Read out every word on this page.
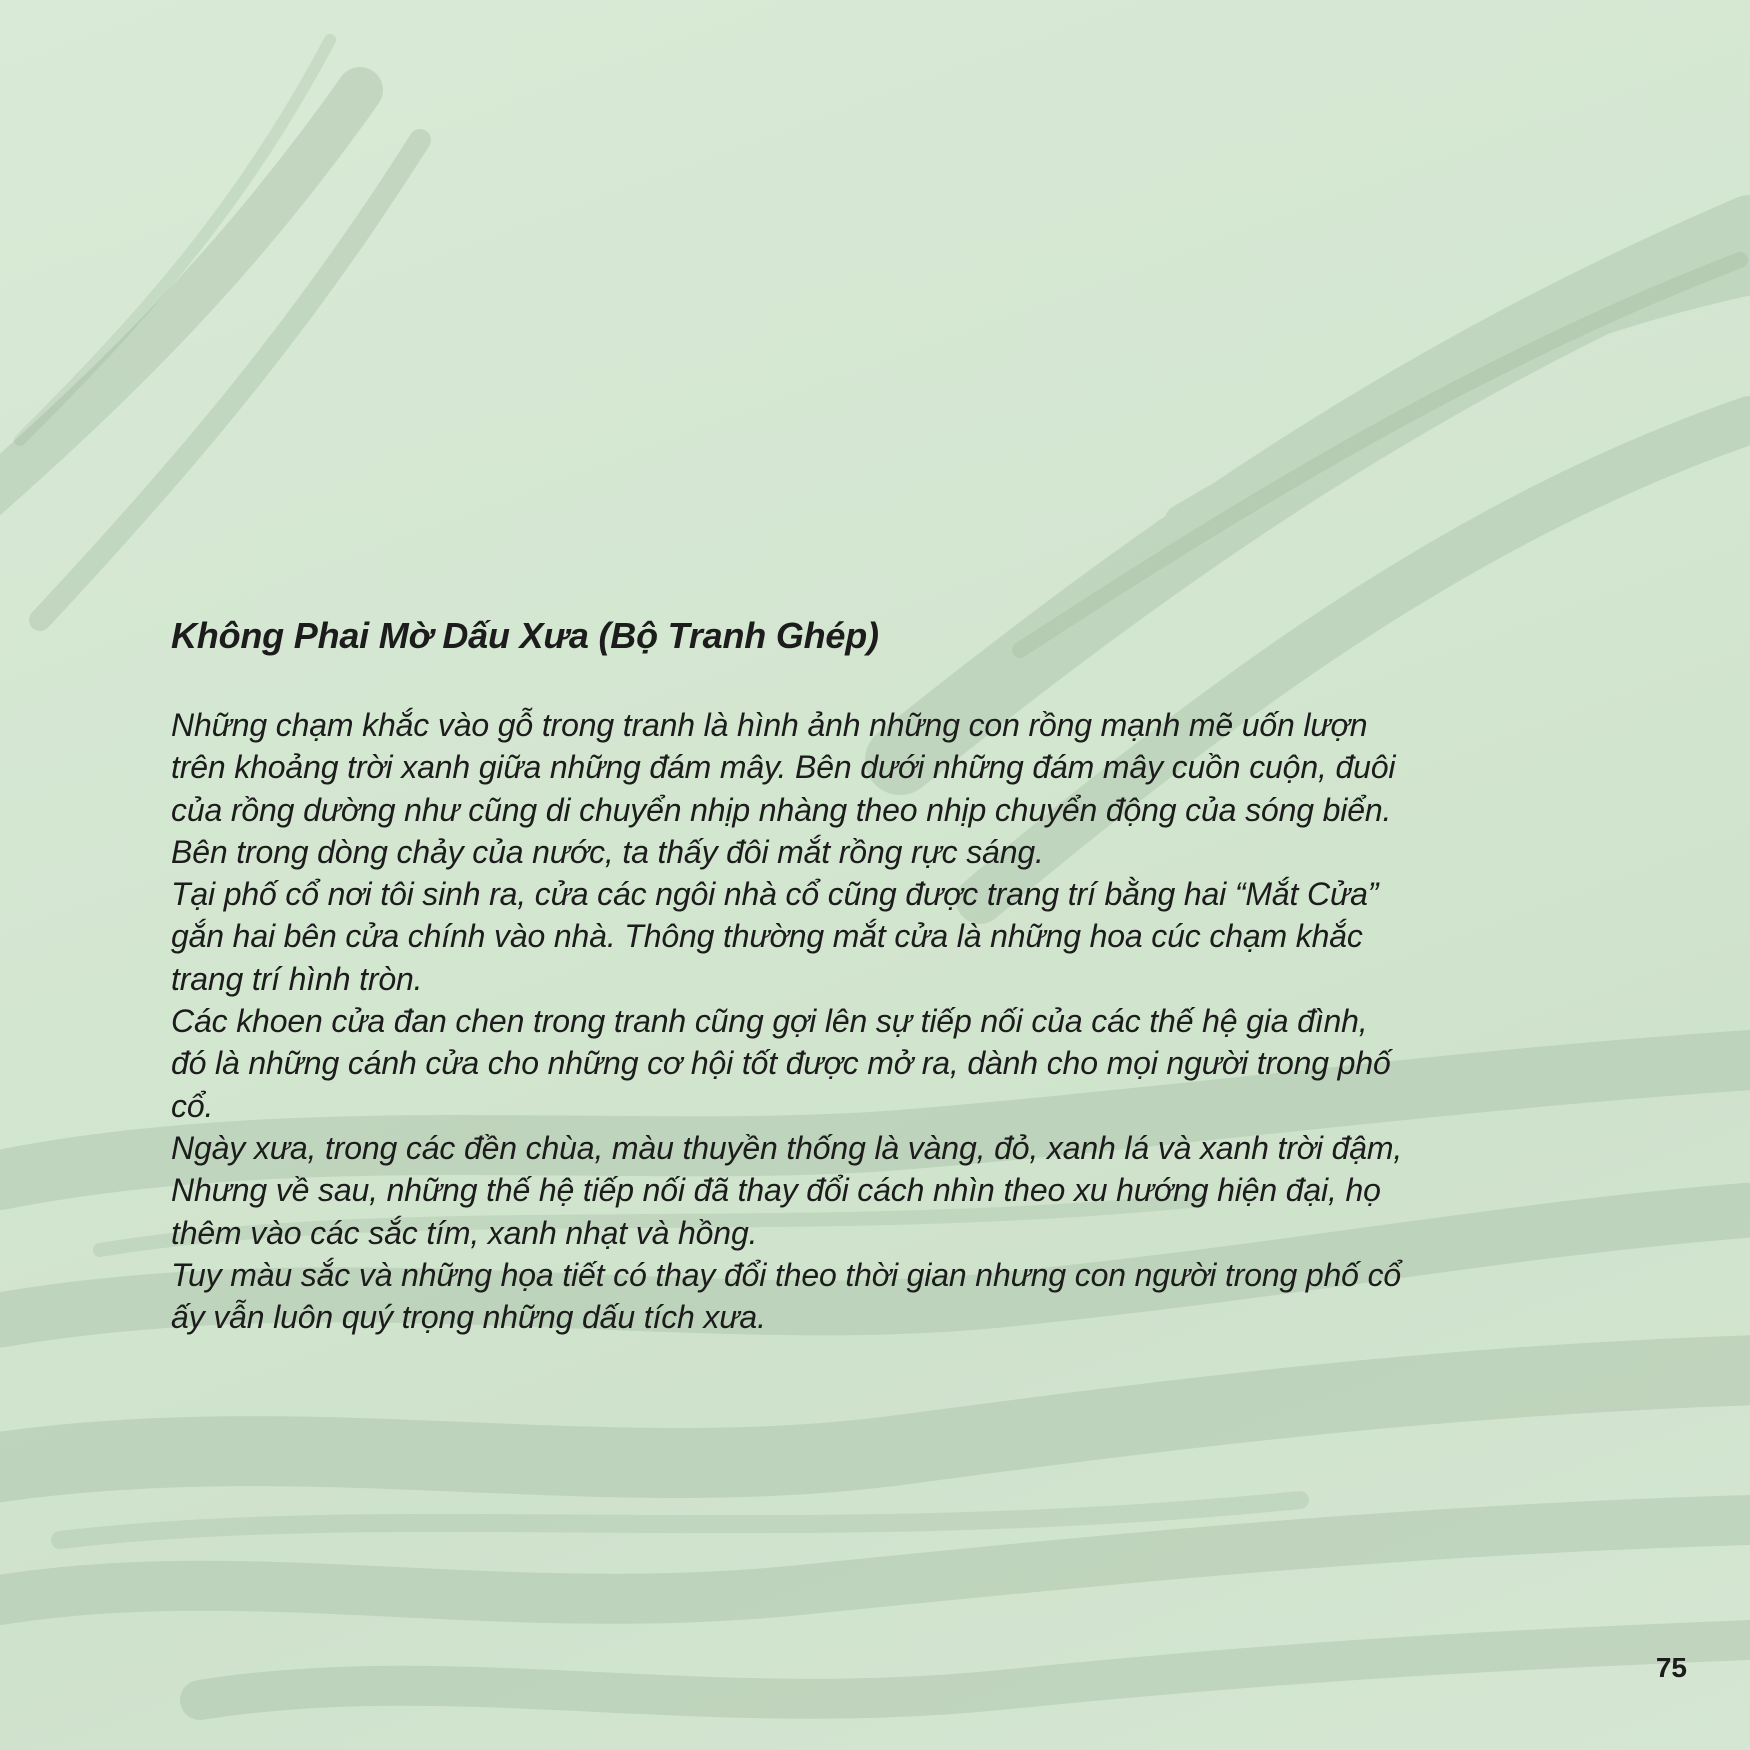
Không Phai Mờ Dấu Xưa (Bộ Tranh Ghép)
Những chạm khắc vào gỗ trong tranh là hình ảnh những con rồng mạnh mẽ uốn lượn
trên khoảng trời xanh giữa những đám mây. Bên dưới những đám mây cuồn cuộn, đuôi
của rồng dường như cũng di chuyển nhịp nhàng theo nhịp chuyển động của sóng biển.
Bên trong dòng chảy của nước, ta thấy đôi mắt rồng rực sáng.
Tại phố cổ nơi tôi sinh ra, cửa các ngôi nhà cổ cũng được trang trí bằng hai “Mắt Cửa”
gắn hai bên cửa chính vào nhà. Thông thường mắt cửa là những hoa cúc chạm khắc
trang trí hình tròn.
Các khoen cửa đan chen trong tranh cũng gợi lên sự tiếp nối của các thế hệ gia đình,
đó là những cánh cửa cho những cơ hội tốt được mở ra, dành cho mọi người trong phố
cổ.
Ngày xưa, trong các đền chùa, màu thuyền thống là vàng, đỏ, xanh lá và xanh trời đậm,
Nhưng về sau, những thế hệ tiếp nối đã thay đổi cách nhìn theo xu hướng hiện đại, họ
thêm vào các sắc tím, xanh nhạt và hồng.
Tuy màu sắc và những họa tiết có thay đổi theo thời gian nhưng con người trong phố cổ
ấy vẫn luôn quý trọng những dấu tích xưa.
75
